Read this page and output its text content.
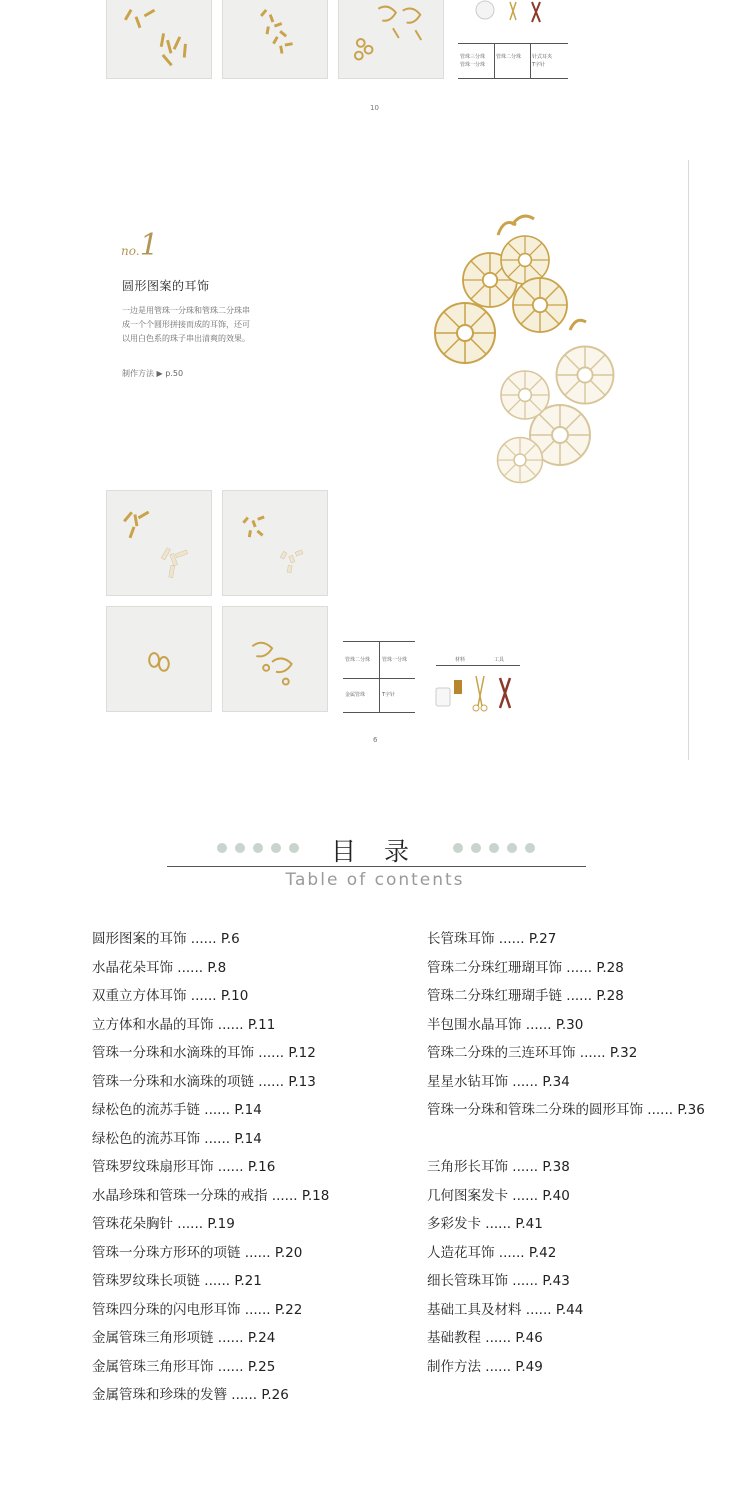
管珠三分珠
管珠一分珠
管珠二分珠 针式耳夹
T字针
10
no.1
圆形图案的耳饰
一边是用管珠一分珠和管珠二分珠串成一个个圆形拼接而成的耳饰，还可以用白色系的珠子串出清爽的效果。
制作方法 ▶ p.50
管珠二分珠 管珠一分珠
金属管珠	T字针
材料	工具
6
目 录
Table of contents
圆形图案的耳饰 ...... P.6
水晶花朵耳饰 ...... P.8
双重立方体耳饰 ...... P.10
立方体和水晶的耳饰 ...... P.11
管珠一分珠和水滴珠的耳饰 ...... P.12
管珠一分珠和水滴珠的项链 ...... P.13
绿松色的流苏手链 ...... P.14
绿松色的流苏耳饰 ...... P.14
管珠罗纹珠扇形耳饰 ...... P.16
水晶珍珠和管珠一分珠的戒指 ...... P.18
管珠花朵胸针 ...... P.19
管珠一分珠方形环的项链 ...... P.20
管珠罗纹珠长项链 ...... P.21
管珠四分珠的闪电形耳饰 ...... P.22
金属管珠三角形项链 ...... P.24
金属管珠三角形耳饰 ...... P.25
金属管珠和珍珠的发簪 ...... P.26
长管珠耳饰 ...... P.27
管珠二分珠红珊瑚耳饰 ...... P.28
管珠二分珠红珊瑚手链 ...... P.28
半包围水晶耳饰 ...... P.30
管珠二分珠的三连环耳饰 ...... P.32
星星水钻耳饰 ...... P.34
管珠一分珠和管珠二分珠的圆形耳饰 ...... P.36
三角形长耳饰 ...... P.38
几何图案发卡 ...... P.40
多彩发卡 ...... P.41
人造花耳饰 ...... P.42
细长管珠耳饰 ...... P.43
基础工具及材料 ...... P.44
基础教程 ...... P.46
制作方法 ...... P.49
